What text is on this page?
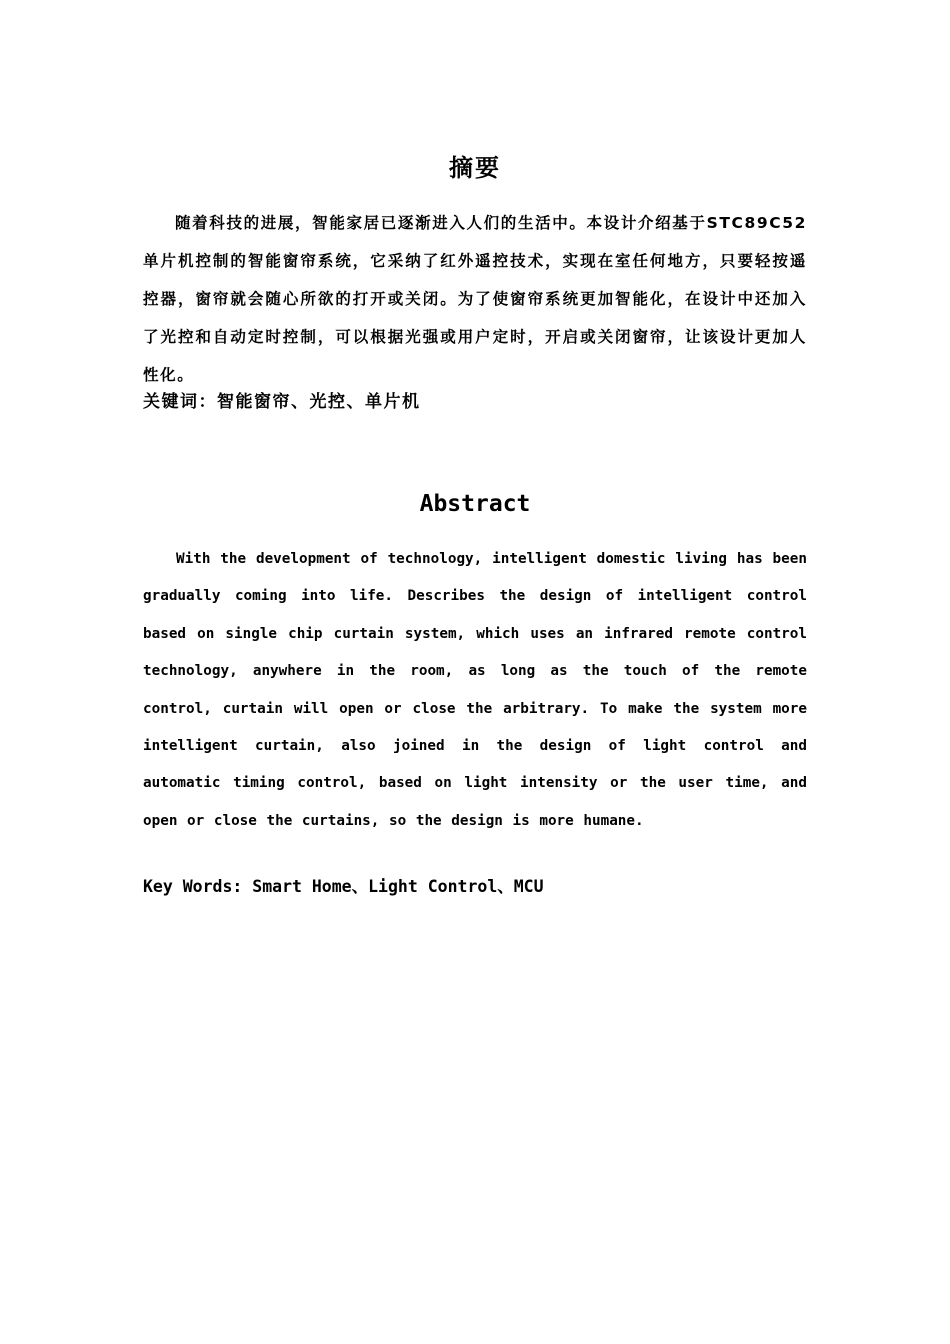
摘要

随着科技的进展，智能家居已逐渐进入人们的生活中。本设计介绍基于STC89C52单片机控制的智能窗帘系统，它采纳了红外遥控技术，实现在室任何地方，只要轻按遥控器，窗帘就会随心所欲的打开或关闭。为了使窗帘系统更加智能化，在设计中还加入了光控和自动定时控制，可以根据光强或用户定时，开启或关闭窗帘，让该设计更加人性化。

关键词：智能窗帘、光控、单片机
Abstract

With the development of technology, intelligent domestic living has been gradually coming into life. Describes the design of intelligent control based on single chip curtain system, which uses an infrared remote control technology, anywhere in the room, as long as the touch of the remote control, curtain will open or close the arbitrary. To make the system more intelligent curtain, also joined in the design of light control and automatic timing control, based on light intensity or the user time, and open or close the curtains, so the design is more humane.

Key Words: Smart Home、Light Control、MCU
